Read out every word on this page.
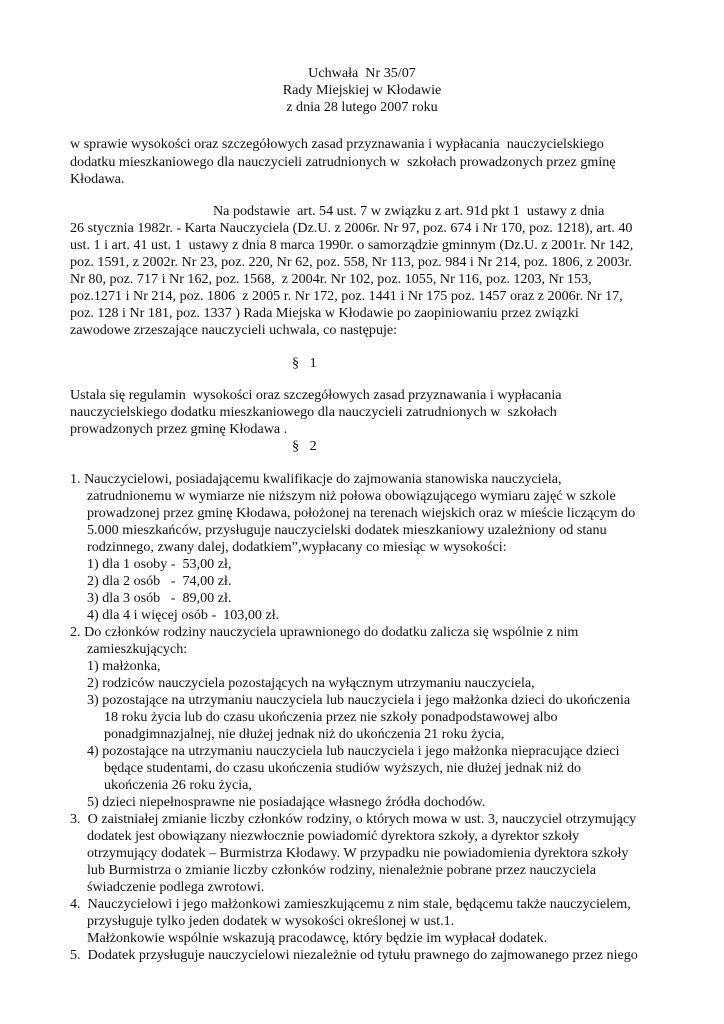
Uchwała  Nr 35/07
Rady Miejskiej w Kłodawie
z dnia 28 lutego 2007 roku
w sprawie wysokości oraz szczegółowych zasad przyznawania i wypłacania  nauczycielskiego
dodatku mieszkaniowego dla nauczycieli zatrudnionych w  szkołach prowadzonych przez gminę
Kłodawa.
Na podstawie  art. 54 ust. 7 w związku z art. 91d pkt 1  ustawy z dnia
26 stycznia 1982r. - Karta Nauczyciela (Dz.U. z 2006r. Nr 97, poz. 674 i Nr 170, poz. 1218), art. 40
ust. 1 i art. 41 ust. 1  ustawy z dnia 8 marca 1990r. o samorządzie gminnym (Dz.U. z 2001r. Nr 142,
poz. 1591, z 2002r. Nr 23, poz. 220, Nr 62, poz. 558, Nr 113, poz. 984 i Nr 214, poz. 1806, z 2003r.
Nr 80, poz. 717 i Nr 162, poz. 1568,  z 2004r. Nr 102, poz. 1055, Nr 116, poz. 1203, Nr 153,
poz.1271 i Nr 214, poz. 1806  z 2005 r. Nr 172, poz. 1441 i Nr 175 poz. 1457 oraz z 2006r. Nr 17,
poz. 128 i Nr 181, poz. 1337 ) Rada Miejska w Kłodawie po zaopiniowaniu przez związki
zawodowe zrzeszające nauczycieli uchwala, co następuje:
§   1
Ustala się regulamin  wysokości oraz szczegółowych zasad przyznawania i wypłacania
nauczycielskiego dodatku mieszkaniowego dla nauczycieli zatrudnionych w  szkołach
prowadzonych przez gminę Kłodawa .
§   2
1. Nauczycielowi, posiadającemu kwalifikacje do zajmowania stanowiska nauczyciela,
zatrudnionemu w wymiarze nie niższym niż połowa obowiązującego wymiaru zajęć w szkole
prowadzonej przez gminę Kłodawa, położonej na terenach wiejskich oraz w mieście liczącym do
5.000 mieszkańców, przysługuje nauczycielski dodatek mieszkaniowy uzależniony od stanu
rodzinnego, zwany dalej, dodatkiem”,wypłacany co miesiąc w wysokości:
1) dla 1 osoby -  53,00 zł,
2) dla 2 osób   -  74,00 zł.
3) dla 3 osób   -  89,00 zł.
4) dla 4 i więcej osób -  103,00 zł.
2. Do członków rodziny nauczyciela uprawnionego do dodatku zalicza się wspólnie z nim
zamieszkujących:
1) małżonka,
2) rodziców nauczyciela pozostających na wyłącznym utrzymaniu nauczyciela,
3) pozostające na utrzymaniu nauczyciela lub nauczyciela i jego małżonka dzieci do ukończenia
18 roku życia lub do czasu ukończenia przez nie szkoły ponadpodstawowej albo
ponadgimnazjalnej, nie dłużej jednak niż do ukończenia 21 roku życia,
4) pozostające na utrzymaniu nauczyciela lub nauczyciela i jego małżonka niepracujące dzieci
będące studentami, do czasu ukończenia studiów wyższych, nie dłużej jednak niż do
ukończenia 26 roku życia,
5) dzieci niepełnosprawne nie posiadające własnego źródła dochodów.
3.  O zaistniałej zmianie liczby członków rodziny, o których mowa w ust. 3, nauczyciel otrzymujący
dodatek jest obowiązany niezwłocznie powiadomić dyrektora szkoły, a dyrektor szkoły
otrzymujący dodatek – Burmistrza Kłodawy. W przypadku nie powiadomienia dyrektora szkoły
lub Burmistrza o zmianie liczby członków rodziny, nienależnie pobrane przez nauczyciela
świadczenie podlega zwrotowi.
4.  Nauczycielowi i jego małżonkowi zamieszkującemu z nim stale, będącemu także nauczycielem,
przysługuje tylko jeden dodatek w wysokości określonej w ust.1.
Małżonkowie wspólnie wskazują pracodawcę, który będzie im wypłacał dodatek.
5.  Dodatek przysługuje nauczycielowi niezależnie od tytułu prawnego do zajmowanego przez niego
